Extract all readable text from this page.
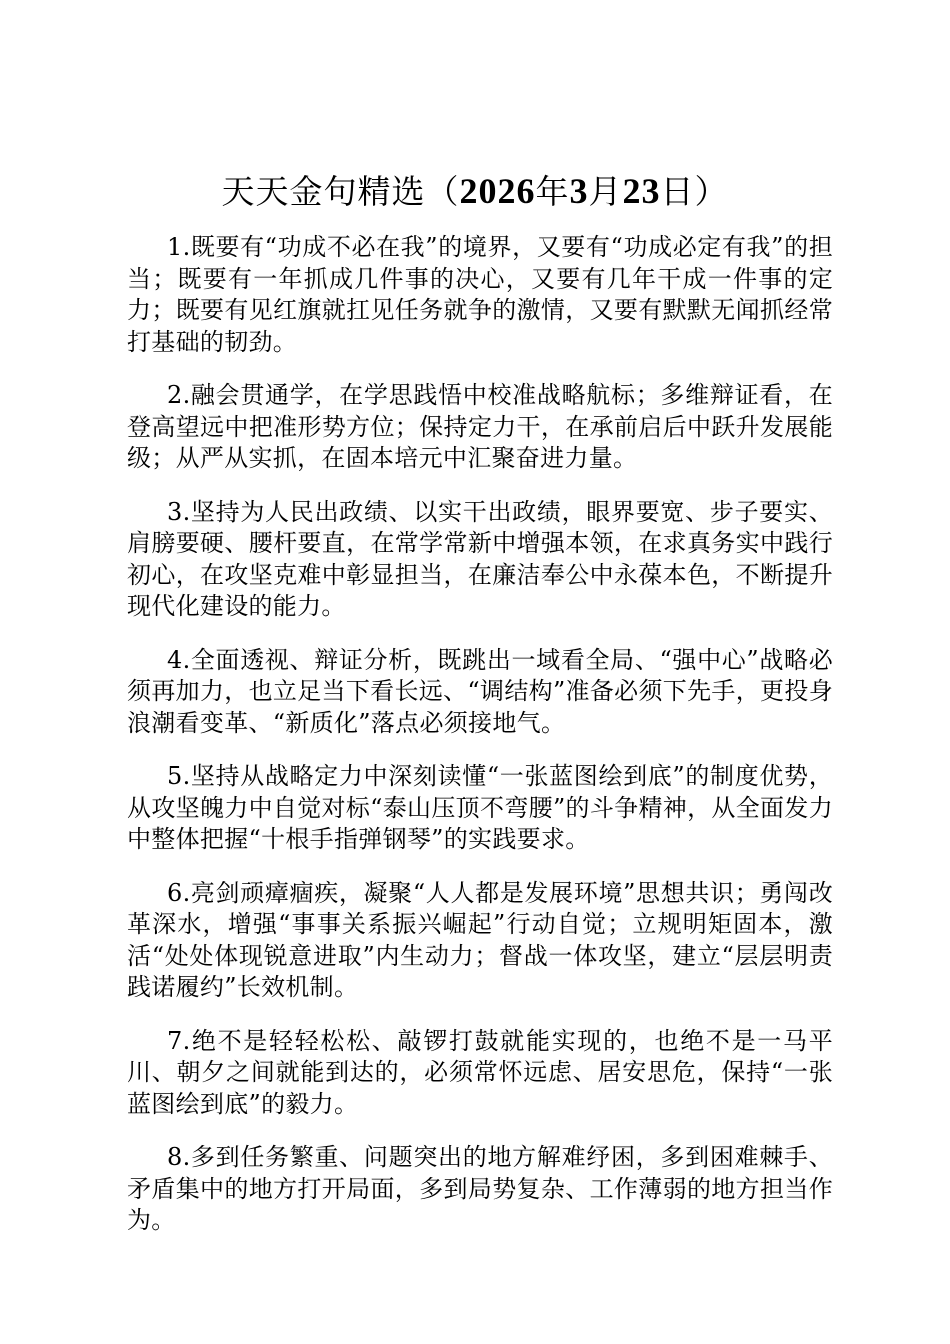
天天金句精选（2026年3月23日）

1.既要有“功成不必在我”的境界，又要有“功成必定有我”的担当；既要有一年抓成几件事的决心，又要有几年干成一件事的定力；既要有见红旗就扛见任务就争的激情，又要有默默无闻抓经常打基础的韧劲。

2.融会贯通学，在学思践悟中校准战略航标；多维辩证看，在登高望远中把准形势方位；保持定力干，在承前启后中跃升发展能级；从严从实抓，在固本培元中汇聚奋进力量。

3.坚持为人民出政绩、以实干出政绩，眼界要宽、步子要实、肩膀要硬、腰杆要直，在常学常新中增强本领，在求真务实中践行初心，在攻坚克难中彰显担当，在廉洁奉公中永葆本色，不断提升现代化建设的能力。

4.全面透视、辩证分析，既跳出一域看全局、“强中心”战略必须再加力，也立足当下看长远、“调结构”准备必须下先手，更投身浪潮看变革、“新质化”落点必须接地气。

5.坚持从战略定力中深刻读懂“一张蓝图绘到底”的制度优势，从攻坚魄力中自觉对标“泰山压顶不弯腰”的斗争精神，从全面发力中整体把握“十根手指弹钢琴”的实践要求。

6.亮剑顽瘴痼疾，凝聚“人人都是发展环境”思想共识；勇闯改革深水，增强“事事关系振兴崛起”行动自觉；立规明矩固本，激活“处处体现锐意进取”内生动力；督战一体攻坚，建立“层层明责践诺履约”长效机制。

7.绝不是轻轻松松、敲锣打鼓就能实现的，也绝不是一马平川、朝夕之间就能到达的，必须常怀远虑、居安思危，保持“一张蓝图绘到底”的毅力。

8.多到任务繁重、问题突出的地方解难纾困，多到困难棘手、矛盾集中的地方打开局面，多到局势复杂、工作薄弱的地方担当作为。
